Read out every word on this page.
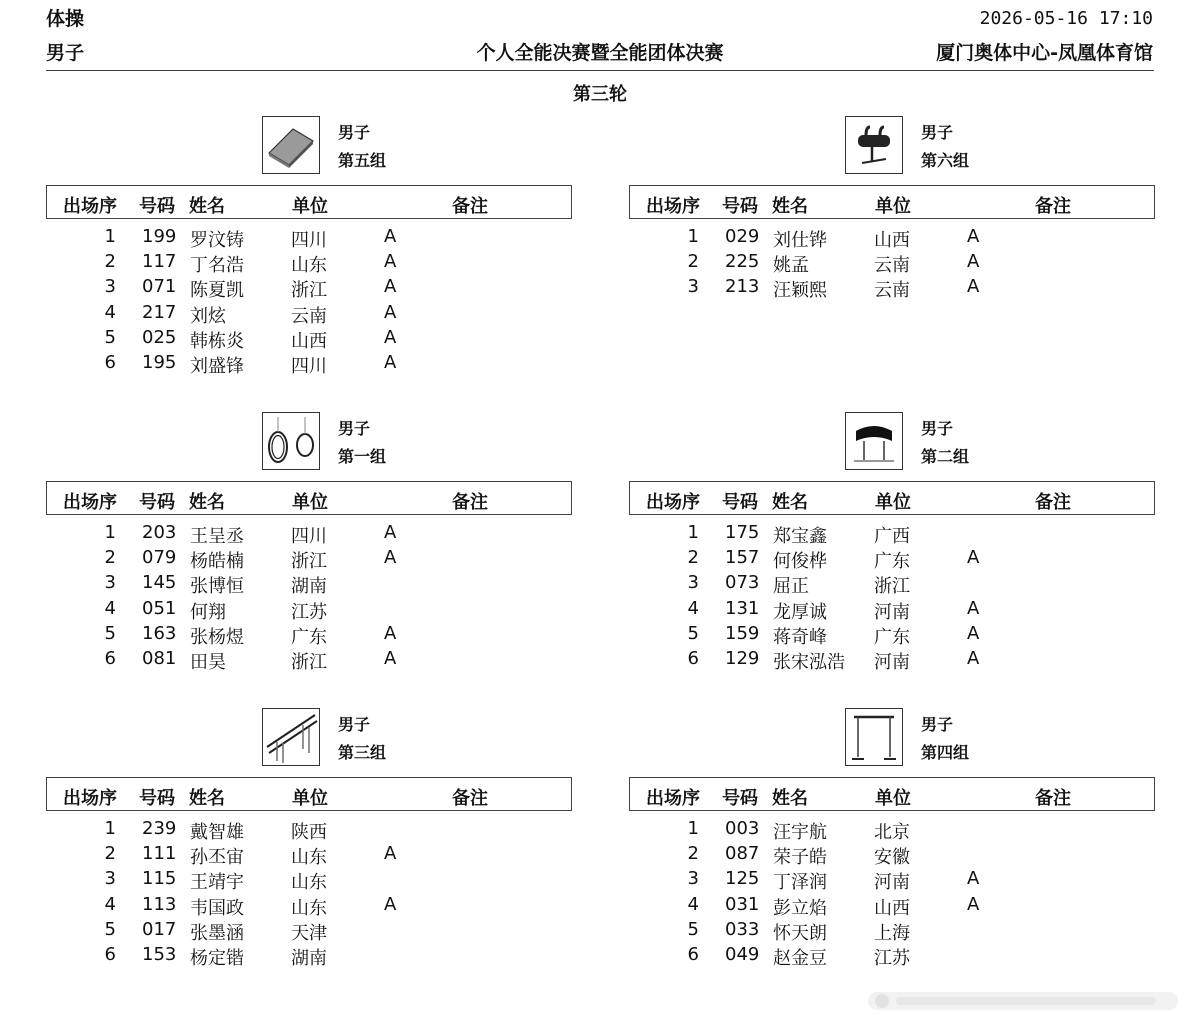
体操	2026-05-16 17:10
男子	个人全能决赛暨全能团体决赛	厦门奥体中心-凤凰体育馆
第三轮
男子
第五组
出场序 号码 姓名	单位	备注
1 199 罗汶铸	四川	A
2 117 丁名浩	山东	A
3 071 陈夏凯	浙江	A
4 217 刘炫	云南	A
5 025 韩栋炎	山西	A
6 195 刘盛锋	四川	A
男子
第六组
出场序 号码 姓名	单位	备注
1 029 刘仕铧	山西	A
2 225 姚孟	云南	A
3 213 汪颖熙	云南	A
男子
第一组
出场序 号码 姓名	单位	备注
1 203 王呈丞	四川	A
2 079 杨皓楠	浙江	A
3 145 张博恒	湖南
4 051 何翔	江苏
5 163 张杨煜	广东	A
6 081 田昊	浙江	A
男子
第二组
出场序 号码 姓名	单位	备注
1 175 郑宝鑫	广西
2 157 何俊桦	广东	A
3 073 屈正	浙江
4 131 龙厚诚	河南	A
5 159 蒋奇峰	广东	A
6 129 张宋泓浩 河南	A
男子
第三组
出场序 号码 姓名	单位	备注
1 239 戴智雄	陕西
2 111 孙丕宙	山东	A
3 115 王靖宇	山东
4 113 韦国政	山东	A
5 017 张墨涵	天津
6 153 杨定锴	湖南
男子
第四组
出场序 号码 姓名	单位	备注
1 003 汪宇航	北京
2 087 荣子皓	安徽
3 125 丁泽润	河南	A
4 031 彭立焰	山西	A
5 033 怀天朗	上海
6 049 赵金豆	江苏
